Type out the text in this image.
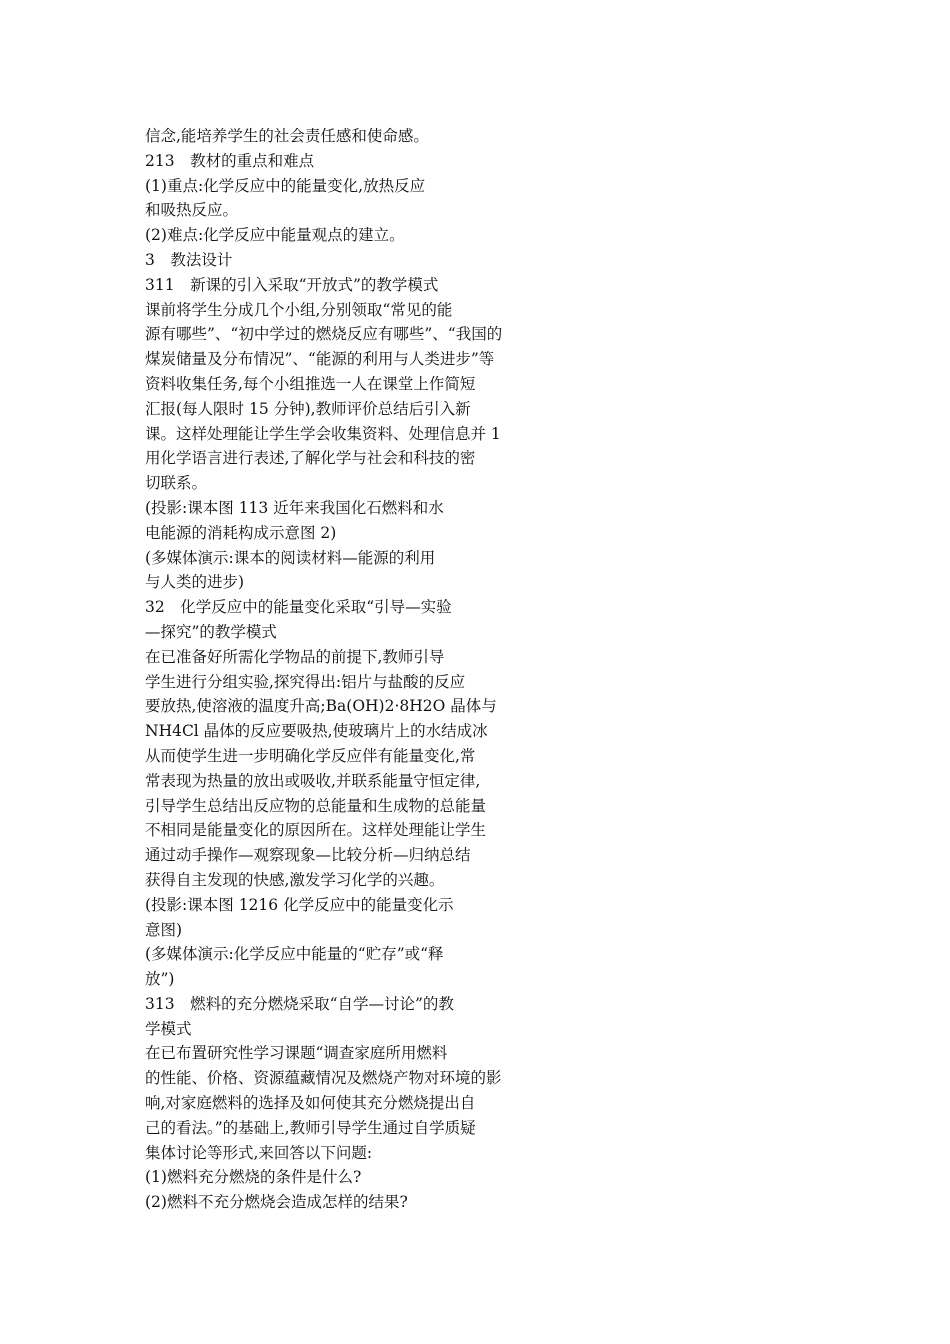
信念,能培养学生的社会责任感和使命感。
213　教材的重点和难点
(1)重点:化学反应中的能量变化,放热反应
和吸热反应。
(2)难点:化学反应中能量观点的建立。
3　教法设计
311　新课的引入采取“开放式”的教学模式
课前将学生分成几个小组,分别领取“常见的能
源有哪些”、“初中学过的燃烧反应有哪些”、“我国的
煤炭储量及分布情况”、“能源的利用与人类进步”等
资料收集任务,每个小组推选一人在课堂上作简短
汇报(每人限时 15 分钟),教师评价总结后引入新
课。这样处理能让学生学会收集资料、处理信息并 1
用化学语言进行表述,了解化学与社会和科技的密
切联系。
(投影:课本图 113 近年来我国化石燃料和水
电能源的消耗构成示意图 2)
(多媒体演示:课本的阅读材料—能源的利用
与人类的进步)
32　化学反应中的能量变化采取“引导—实验
—探究”的教学模式
在已准备好所需化学物品的前提下,教师引导
学生进行分组实验,探究得出:铝片与盐酸的反应
要放热,使溶液的温度升高;Ba(OH)2·8H2O 晶体与
NH4Cl 晶体的反应要吸热,使玻璃片上的水结成冰
从而使学生进一步明确化学反应伴有能量变化,常
常表现为热量的放出或吸收,并联系能量守恒定律,
引导学生总结出反应物的总能量和生成物的总能量
不相同是能量变化的原因所在。这样处理能让学生
通过动手操作—观察现象—比较分析—归纳总结
获得自主发现的快感,激发学习化学的兴趣。
(投影:课本图 1216 化学反应中的能量变化示
意图)
(多媒体演示:化学反应中能量的“贮存”或“释
放”)
313　燃料的充分燃烧采取“自学—讨论”的教
学模式
在已布置研究性学习课题“调查家庭所用燃料
的性能、价格、资源蕴藏情况及燃烧产物对环境的影
响,对家庭燃料的选择及如何使其充分燃烧提出自
己的看法。”的基础上,教师引导学生通过自学质疑
集体讨论等形式,来回答以下问题:
(1)燃料充分燃烧的条件是什么?
(2)燃料不充分燃烧会造成怎样的结果?
